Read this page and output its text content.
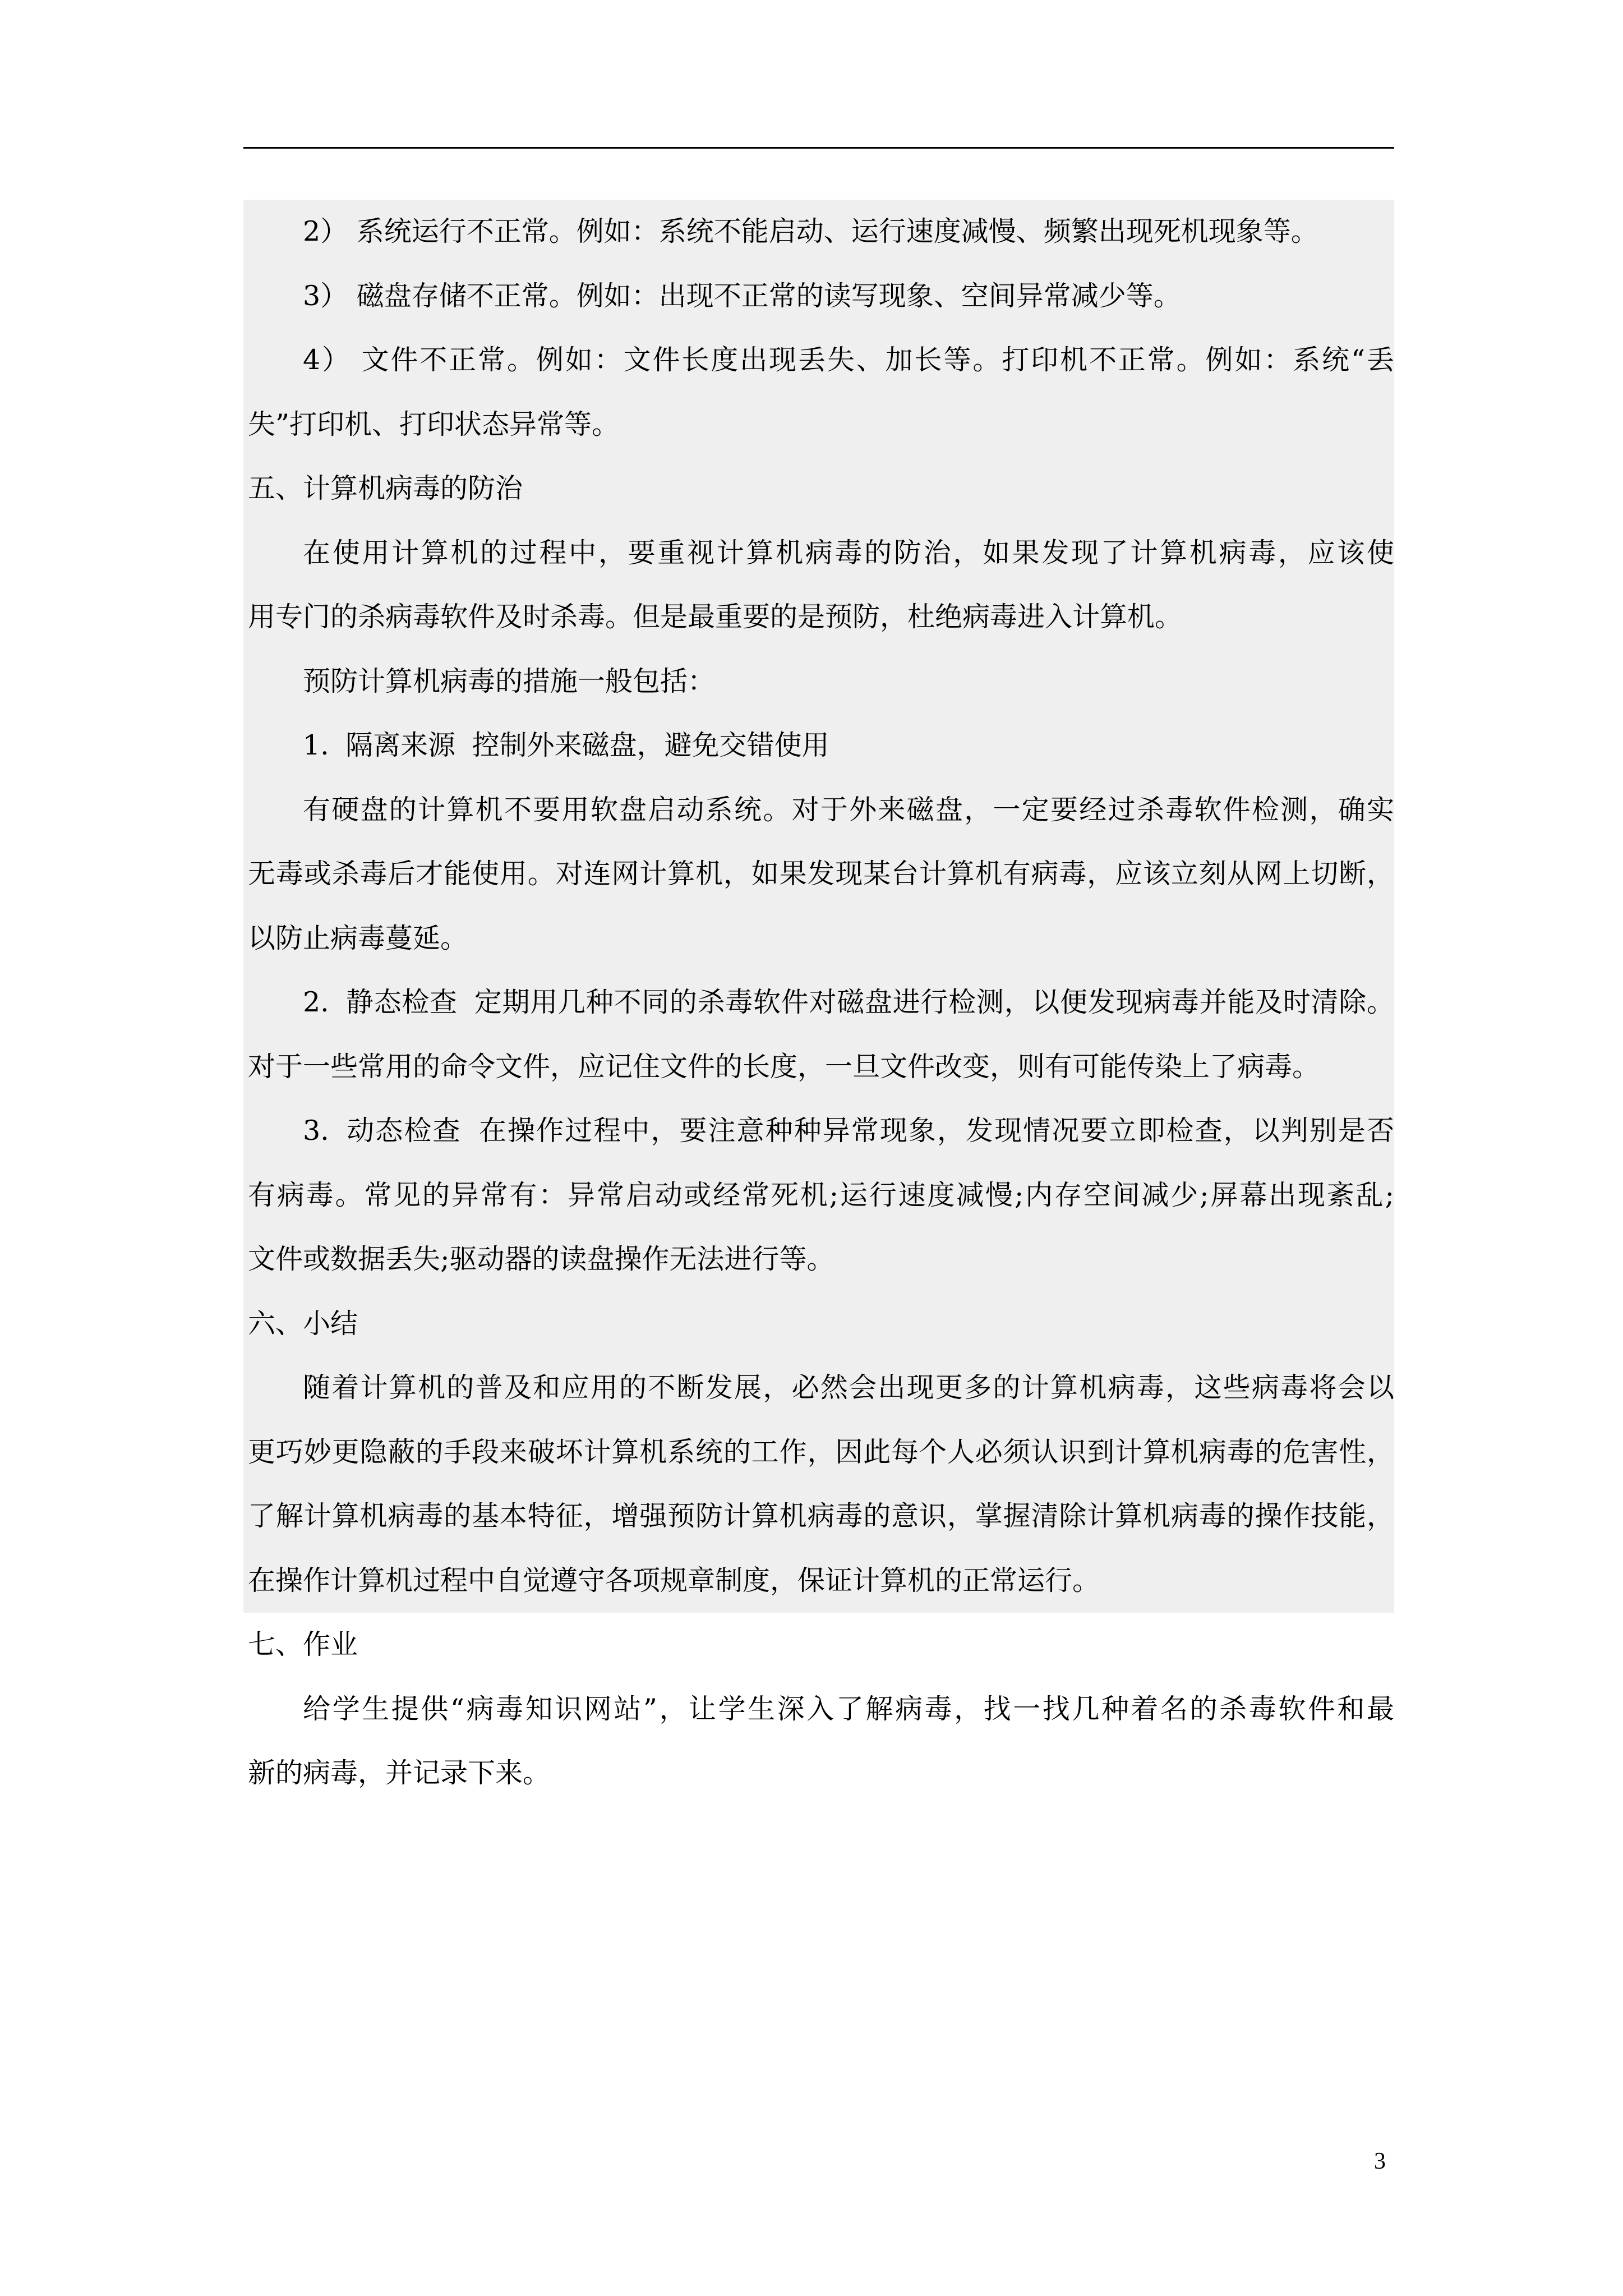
2） 系统运行不正常。例如：系统不能启动、运行速度减慢、频繁出现死机现象等。
3） 磁盘存储不正常。例如：出现不正常的读写现象、空间异常减少等。
4） 文件不正常。例如：文件长度出现丢失、加长等。打印机不正常。例如：系统“丢
失”打印机、打印状态异常等。
五、计算机病毒的防治
在使用计算机的过程中，要重视计算机病毒的防治，如果发现了计算机病毒，应该使
用专门的杀病毒软件及时杀毒。但是最重要的是预防，杜绝病毒进入计算机。
预防计算机病毒的措施一般包括：
1. 隔离来源 控制外来磁盘，避免交错使用
有硬盘的计算机不要用软盘启动系统。对于外来磁盘，一定要经过杀毒软件检测，确实
无毒或杀毒后才能使用。对连网计算机，如果发现某台计算机有病毒，应该立刻从网上切断，
以防止病毒蔓延。
2. 静态检查 定期用几种不同的杀毒软件对磁盘进行检测，以便发现病毒并能及时清除。
对于一些常用的命令文件，应记住文件的长度，一旦文件改变，则有可能传染上了病毒。
3. 动态检查 在操作过程中，要注意种种异常现象，发现情况要立即检查，以判别是否
有病毒。常见的异常有：异常启动或经常死机;运行速度减慢;内存空间减少;屏幕出现紊乱;
文件或数据丢失;驱动器的读盘操作无法进行等。
六、小结
随着计算机的普及和应用的不断发展，必然会出现更多的计算机病毒，这些病毒将会以
更巧妙更隐蔽的手段来破坏计算机系统的工作，因此每个人必须认识到计算机病毒的危害性，
了解计算机病毒的基本特征，增强预防计算机病毒的意识，掌握清除计算机病毒的操作技能，
在操作计算机过程中自觉遵守各项规章制度，保证计算机的正常运行。
七、作业
给学生提供“病毒知识网站”，让学生深入了解病毒，找一找几种着名的杀毒软件和最
新的病毒，并记录下来。
3
